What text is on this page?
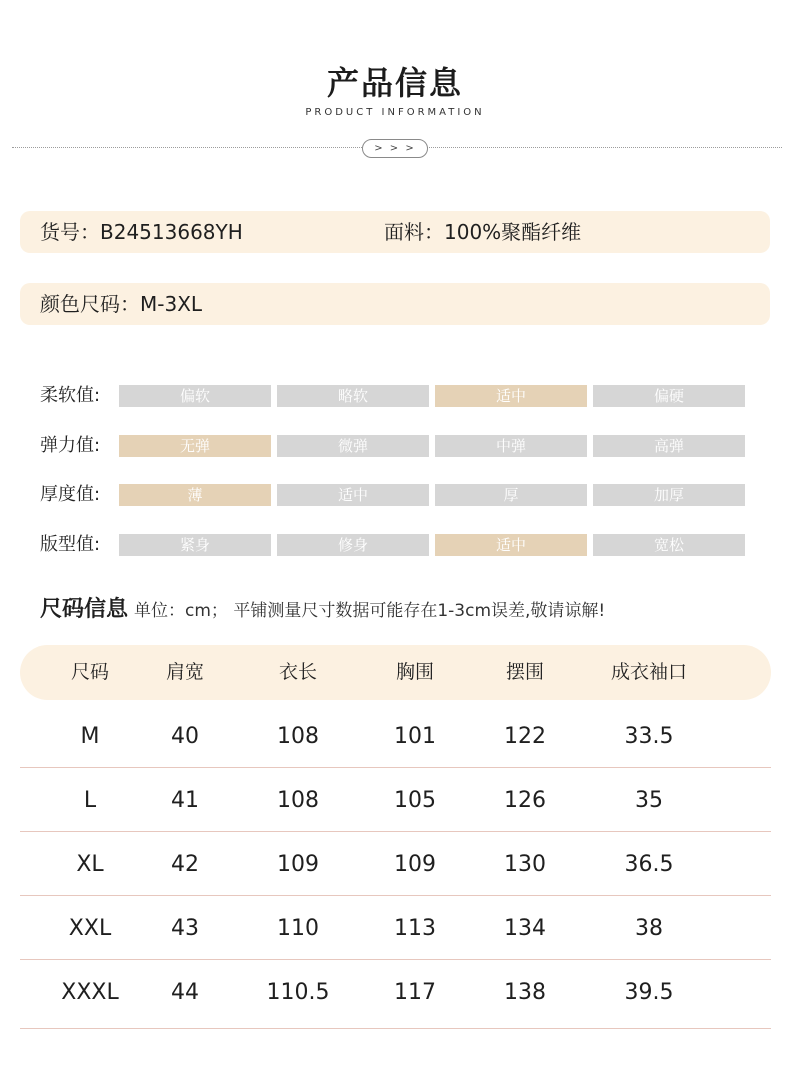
产品信息
PRODUCT INFORMATION
> > >
货号：B24513668YH	面料：100%聚酯纤维
颜色尺码：M-3XL
柔软值:	偏软	略软	适中	偏硬
弹力值:	无弹	微弹	中弹	高弹
厚度值:	薄	适中	厚	加厚
版型值:	紧身	修身	适中	宽松
尺码信息 单位：cm； 平铺测量尺寸数据可能存在1-3cm误差,敬请谅解!
尺码	肩宽	衣长	胸围	摆围	成衣袖口
M	40	108	101	122	33.5
L	41	108	105	126	35
XL	42	109	109	130	36.5
XXL	43	110	113	134	38
XXXL	44	110.5	117	138	39.5
